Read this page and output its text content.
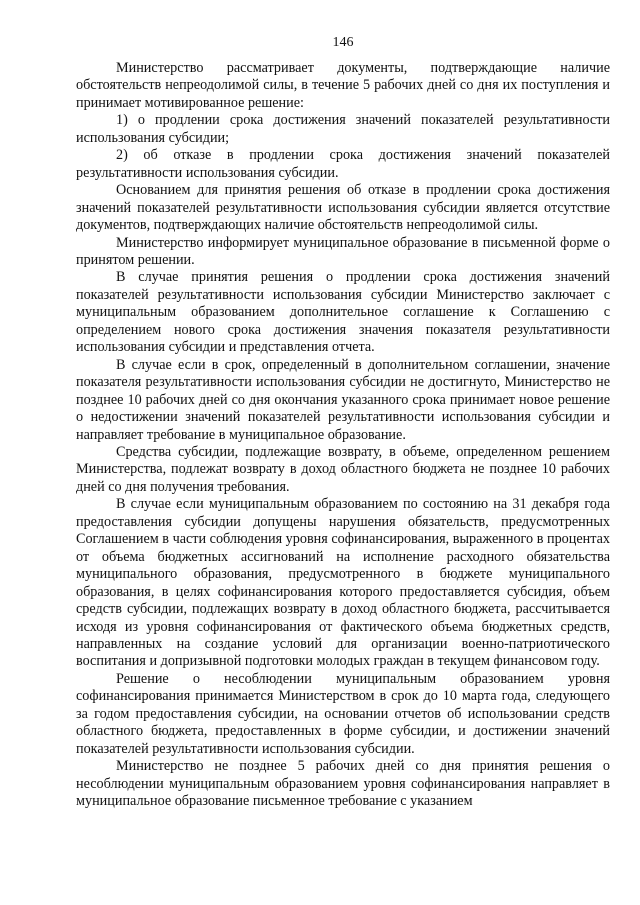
146

Министерство рассматривает документы, подтверждающие наличие обстоятельств непреодолимой силы, в течение 5 рабочих дней со дня их поступления и принимает мотивированное решение:

1) о продлении срока достижения значений показателей результативности использования субсидии;

2) об отказе в продлении срока достижения значений показателей результативности использования субсидии.

Основанием для принятия решения об отказе в продлении срока достижения значений показателей результативности использования субсидии является отсутствие документов, подтверждающих наличие обстоятельств непреодолимой силы.

Министерство информирует муниципальное образование в письменной форме о принятом решении.

В случае принятия решения о продлении срока достижения значений показателей результативности использования субсидии Министерство заключает с муниципальным образованием дополнительное соглашение к Соглашению с определением нового срока достижения значения показателя результативности использования субсидии и представления отчета.

В случае если в срок, определенный в дополнительном соглашении, значение показателя результативности использования субсидии не достигнуто, Министерство не позднее 10 рабочих дней со дня окончания указанного срока принимает новое решение о недостижении значений показателей результативности использования субсидии и направляет требование в муниципальное образование.

Средства субсидии, подлежащие возврату, в объеме, определенном решением Министерства, подлежат возврату в доход областного бюджета не позднее 10 рабочих дней со дня получения требования.

В случае если муниципальным образованием по состоянию на 31 декабря года предоставления субсидии допущены нарушения обязательств, предусмотренных Соглашением в части соблюдения уровня софинансирования, выраженного в процентах от объема бюджетных ассигнований на исполнение расходного обязательства муниципального образования, предусмотренного в бюджете муниципального образования, в целях софинансирования которого предоставляется субсидия, объем средств субсидии, подлежащих возврату в доход областного бюджета, рассчитывается исходя из уровня софинансирования от фактического объема бюджетных средств, направленных на создание условий для организации военно-патриотического воспитания и допризывной подготовки молодых граждан в текущем финансовом году.

Решение о несоблюдении муниципальным образованием уровня софинансирования принимается Министерством в срок до 10 марта года, следующего за годом предоставления субсидии, на основании отчетов об использовании средств областного бюджета, предоставленных в форме субсидии, и достижении значений показателей результативности использования субсидии.

Министерство не позднее 5 рабочих дней со дня принятия решения о несоблюдении муниципальным образованием уровня софинансирования направляет в муниципальное образование письменное требование с указанием
